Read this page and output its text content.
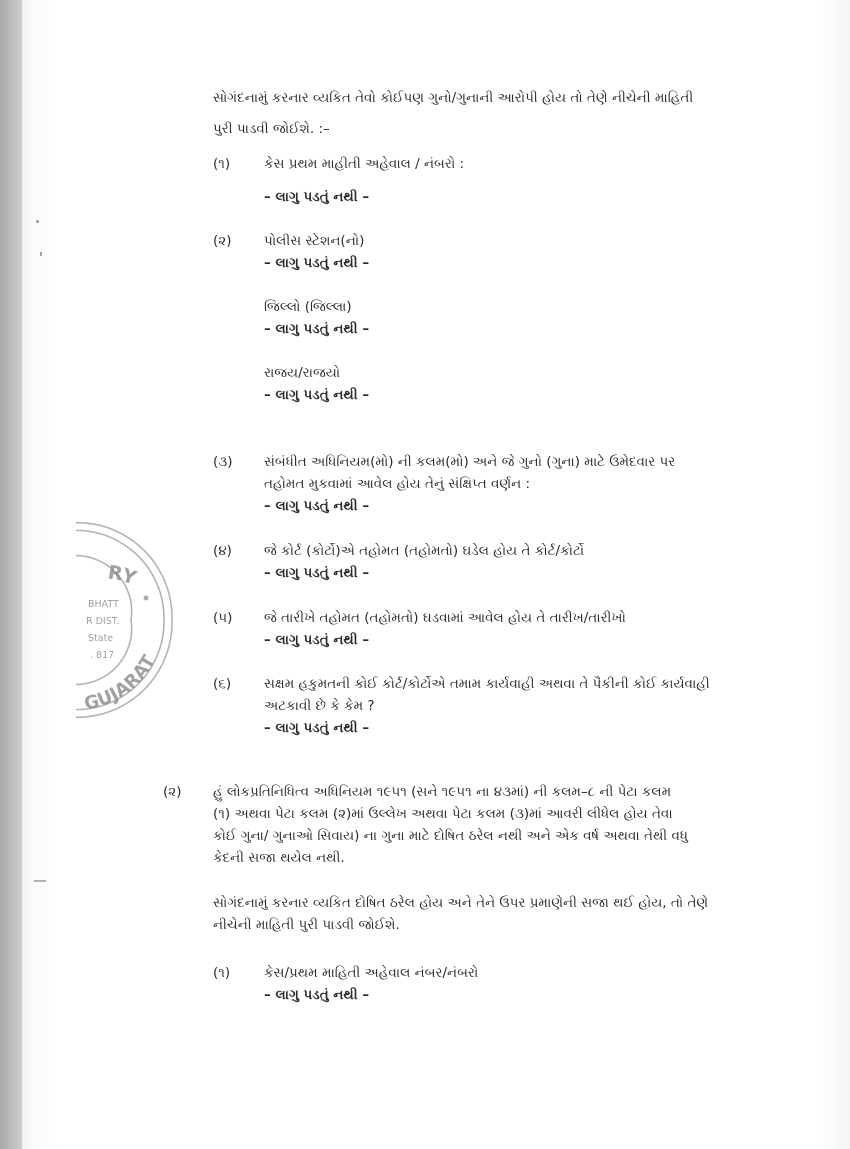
સોગંદનામું કરનાર વ્યકિત તેવો કોઈપણ ગુનો/ગુનાની આરોપી હોય તો તેણે નીચેની માહિતી
પુરી પાડવી જોઈશે. :–
(૧)	કેસ પ્રથમ માહીતી અહેવાલ / નંબરો :
– લાગુ પડતું નથી –
(૨) પોલીસ સ્ટેશન(નો)
– લાગુ પડતું નથી –
જિલ્લો (જિલ્લા)
– લાગુ પડતું નથી –
રાજય/રાજયો
– લાગુ પડતું નથી –
(૩) સંબંધીત અધિનિયમ(મો) ની કલમ(મો) અને જે ગુનો (ગુના) માટે ઉમેદવાર પર
તહોમત મુકવામાં આવેલ હોય તેનું સંક્ષિપ્ત વર્ણન :
– લાગુ પડતું નથી –
(૪) જે કોર્ટ (કોર્ટો)એ તહોમત (તહોમતો) ઘડેલ હોય તે કોર્ટ/કોર્ટો
– લાગુ પડતું નથી –
(૫) જે તારીખે તહોમત (તહોમતો) ઘડવામાં આવેલ હોય તે તારીખ/તારીખો
– લાગુ પડતું નથી –
(૬) સક્ષમ હકુમતની કોઈ કોર્ટ/કોર્ટોએ તમામ કાર્યવાહી અથવા તે પૈકીની કોઈ કાર્યવાહી
અટકાવી છે કે કેમ ?
– લાગુ પડતું નથી –
(૨) હું લોકપ્રતિનિધિત્વ અધિનિયમ ૧૯૫૧ (સને ૧૯૫૧ ના ૪૩માં) ની કલમ–૮ ની પેટા કલમ
(૧) અથવા પેટા કલમ (૨)માં ઉલ્લેખ અથવા પેટા કલમ (૩)માં આવરી લીધેલ હોય તેવા
કોઈ ગુના/ ગુનાઓ સિવાય) ના ગુના માટે દોષિત ઠરેલ નથી અને એક વર્ષ અથવા તેથી વધુ
કેદની સજા થયેલ નથી.
સોગંદનામું કરનાર વ્યકિત દોષિત ઠરેલ હોય અને તેને ઉપર પ્રમાણેની સજા થઈ હોય, તો તેણે
નીચેની માહિતી પુરી પાડવી જોઈશે.
(૧)	કેસ/પ્રથમ માહિતી અહેવાલ નંબર/નંબરો
– લાગુ પડતું નથી –
RY
GUJARAT
BHATT
R DIST.
State
. 817
